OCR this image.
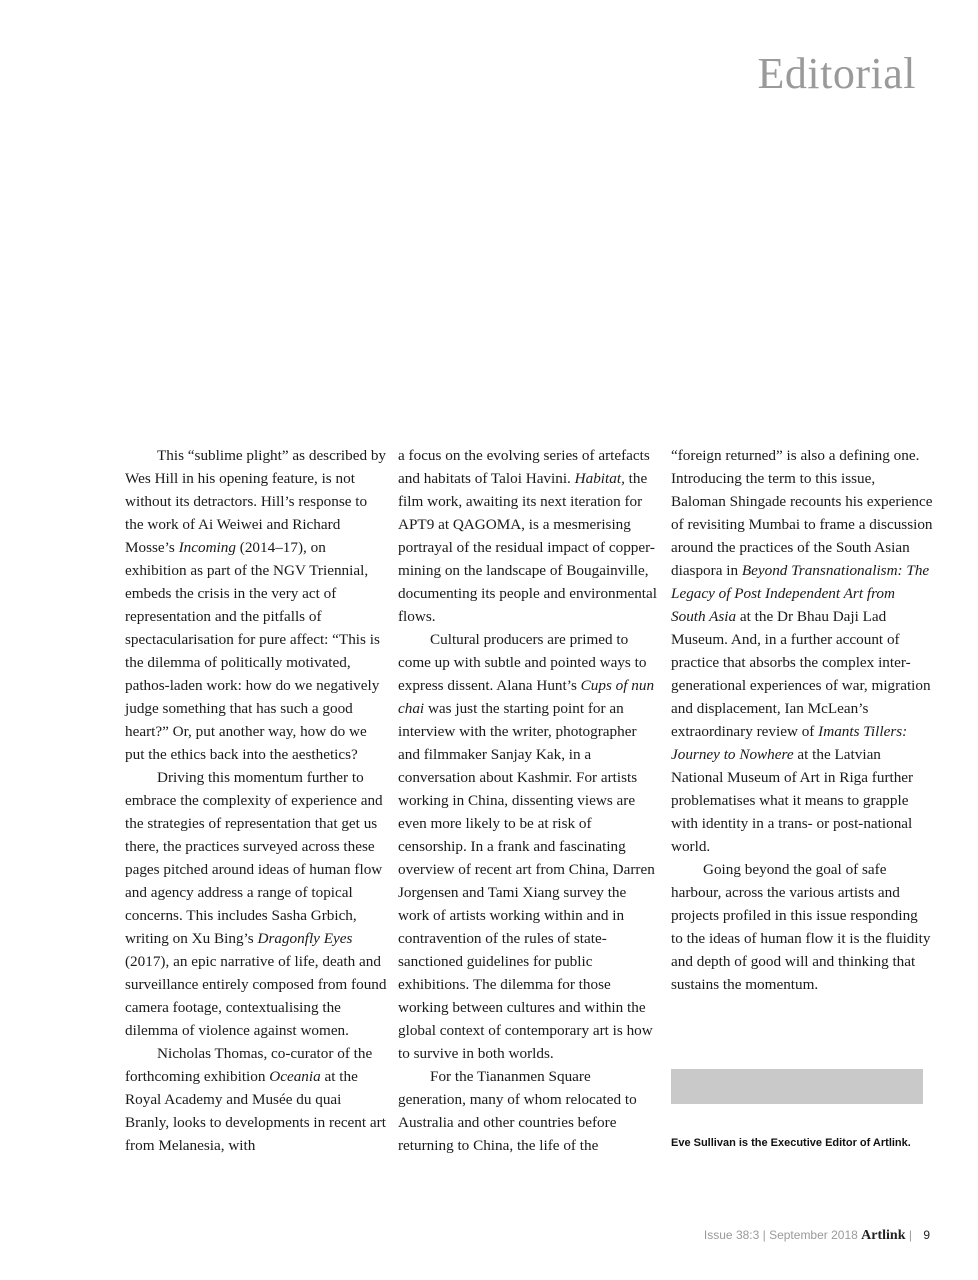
Editorial

This “sublime plight” as described by Wes Hill in his opening feature, is not without its detractors. Hill’s response to the work of Ai Weiwei and Richard Mosse’s Incoming (2014–17), on exhibition as part of the NGV Triennial, embeds the crisis in the very act of representation and the pitfalls of spectacularisation for pure affect: “This is the dilemma of politically motivated, pathos-laden work: how do we negatively judge something that has such a good heart?” Or, put another way, how do we put the ethics back into the aesthetics?

Driving this momentum further to embrace the complexity of experience and the strategies of representation that get us there, the practices surveyed across these pages pitched around ideas of human flow and agency address a range of topical concerns. This includes Sasha Grbich, writing on Xu Bing’s Dragonfly Eyes (2017), an epic narrative of life, death and surveillance entirely composed from found camera footage, contextualising the dilemma of violence against women.

Nicholas Thomas, co-curator of the forthcoming exhibition Oceania at the Royal Academy and Musée du quai Branly, looks to developments in recent art from Melanesia, with

a focus on the evolving series of artefacts and habitats of Taloi Havini. Habitat, the film work, awaiting its next iteration for APT9 at QAGOMA, is a mesmerising portrayal of the residual impact of copper-mining on the landscape of Bougainville, documenting its people and environmental flows.

Cultural producers are primed to come up with subtle and pointed ways to express dissent. Alana Hunt’s Cups of nun chai was just the starting point for an interview with the writer, photographer and filmmaker Sanjay Kak, in a conversation about Kashmir. For artists working in China, dissenting views are even more likely to be at risk of censorship. In a frank and fascinating overview of recent art from China, Darren Jorgensen and Tami Xiang survey the work of artists working within and in contravention of the rules of state-sanctioned guidelines for public exhibitions. The dilemma for those working between cultures and within the global context of contemporary art is how to survive in both worlds.

For the Tiananmen Square generation, many of whom relocated to Australia and other countries before returning to China, the life of the

“foreign returned” is also a defining one. Introducing the term to this issue, Baloman Shingade recounts his experience of revisiting Mumbai to frame a discussion around the practices of the South Asian diaspora in Beyond Transnationalism: The Legacy of Post Independent Art from South Asia at the Dr Bhau Daji Lad Museum. And, in a further account of practice that absorbs the complex inter-generational experiences of war, migration and displacement, Ian McLean’s extraordinary review of Imants Tillers: Journey to Nowhere at the Latvian National Museum of Art in Riga further problematises what it means to grapple with identity in a trans- or post-national world.

Going beyond the goal of safe harbour, across the various artists and projects profiled in this issue responding to the ideas of human flow it is the fluidity and depth of good will and thinking that sustains the momentum.

Eve Sullivan is the Executive Editor of Artlink.
Issue 38:3 | September 2018 Artlink | 9
